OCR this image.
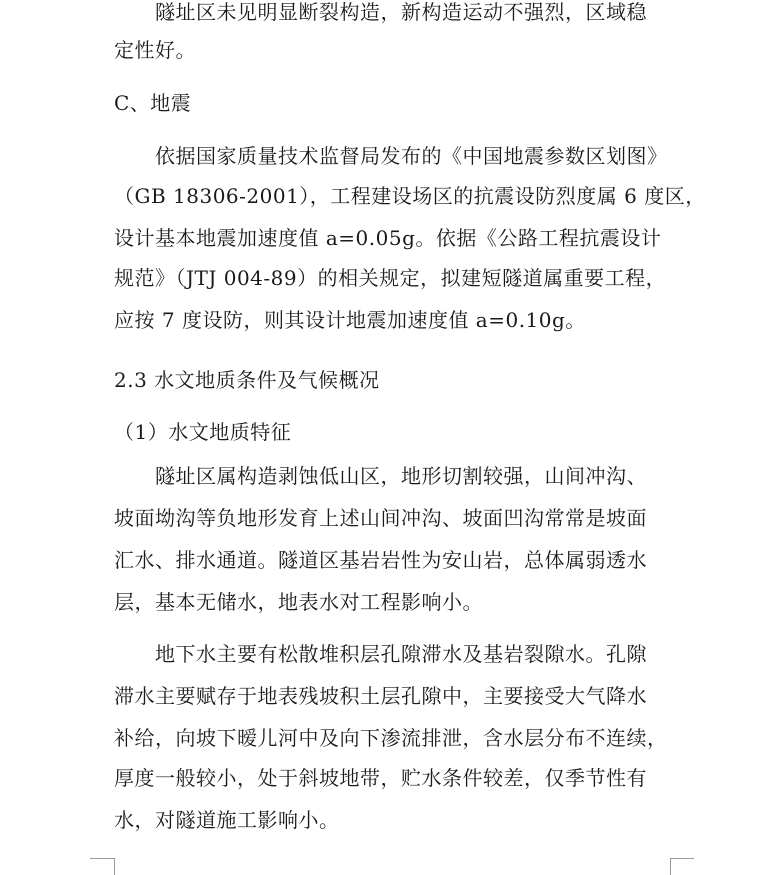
　　隧址区未见明显断裂构造，新构造运动不强烈，区域稳
定性好。
C、地震
　　依据国家质量技术监督局发布的《中国地震参数区划图》
（GB 18306-2001），工程建设场区的抗震设防烈度属 6 度区，
设计基本地震加速度值 a=0.05g。依据《公路工程抗震设计
规范》（JTJ 004-89）的相关规定，拟建短隧道属重要工程，
应按 7 度设防，则其设计地震加速度值 a=0.10g。
2.3 水文地质条件及气候概况
（1）水文地质特征
　　隧址区属构造剥蚀低山区，地形切割较强，山间冲沟、
坡面坳沟等负地形发育上述山间冲沟、坡面凹沟常常是坡面
汇水、排水通道。隧道区基岩岩性为安山岩，总体属弱透水
层，基本无储水，地表水对工程影响小。
　　地下水主要有松散堆积层孔隙滞水及基岩裂隙水。孔隙
滞水主要赋存于地表残坡积土层孔隙中，主要接受大气降水
补给，向坡下暧儿河中及向下渗流排泄，含水层分布不连续，
厚度一般较小，处于斜坡地带，贮水条件较差，仅季节性有
水，对隧道施工影响小。
